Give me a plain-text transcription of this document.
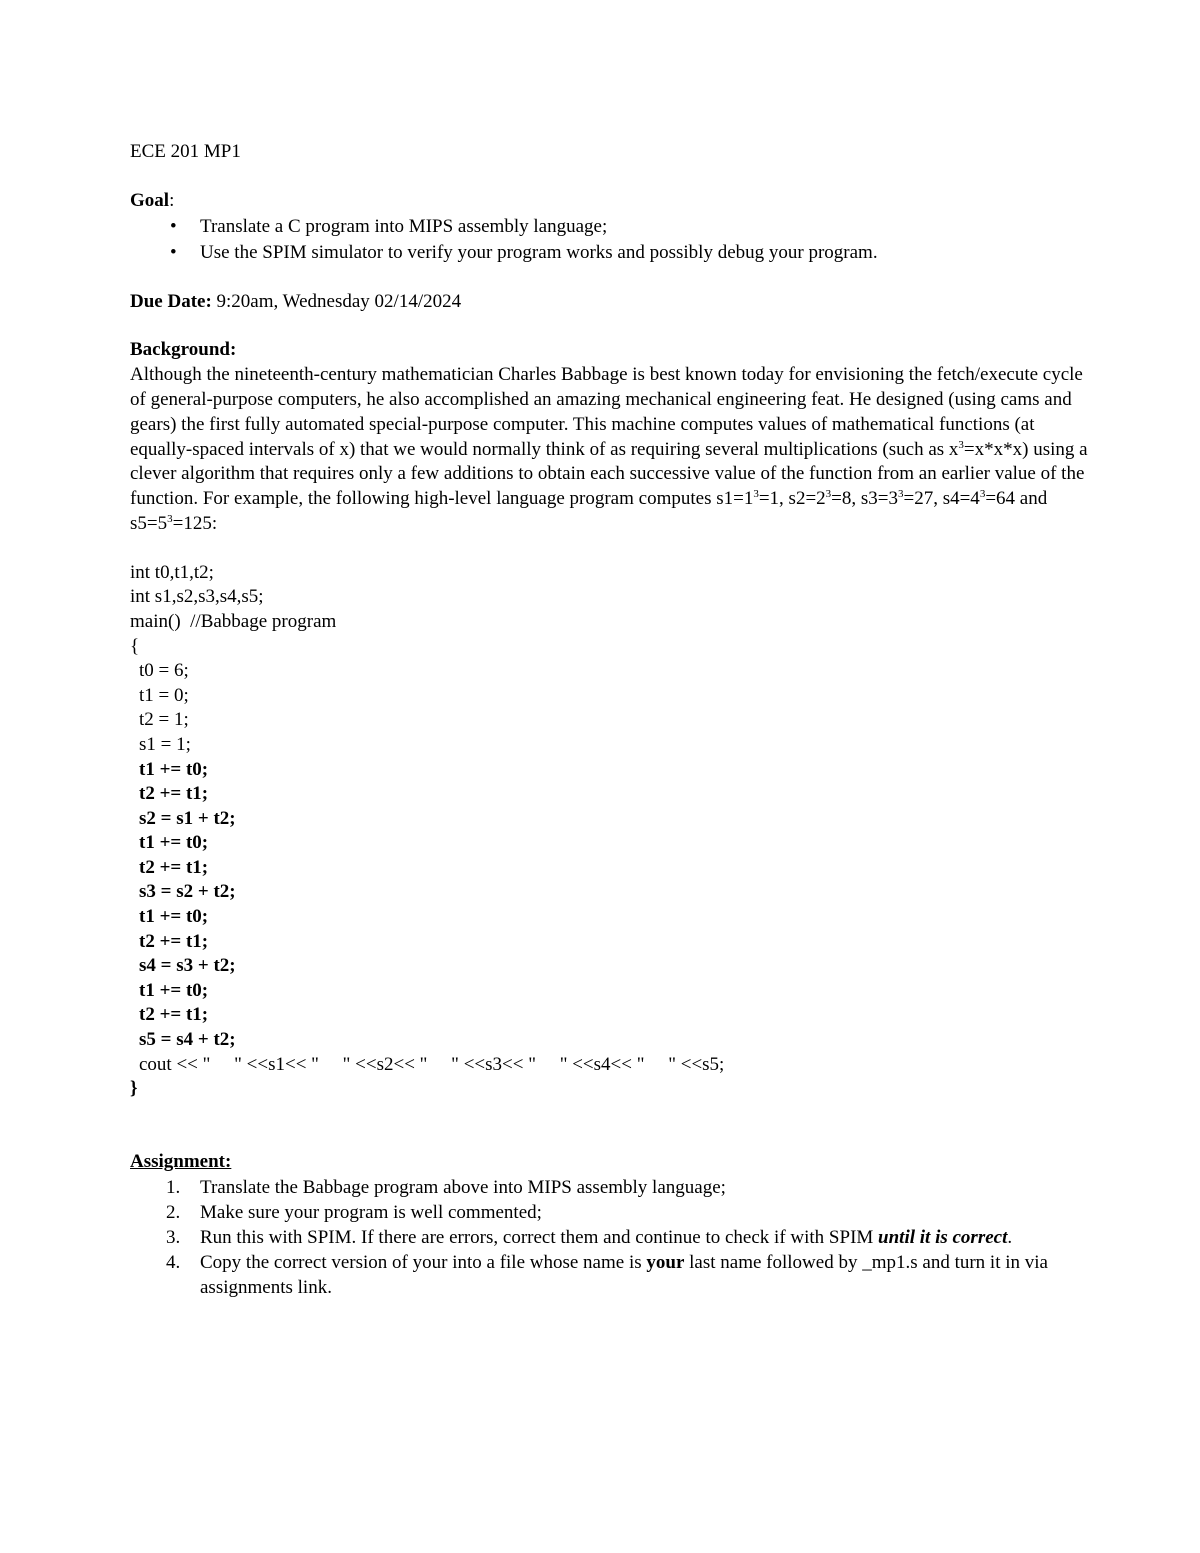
ECE 201 MP1
Goal:
• Translate a C program into MIPS assembly language;
• Use the SPIM simulator to verify your program works and possibly debug your program.
Due Date: 9:20am, Wednesday 02/14/2024
Background:
Although the nineteenth-century mathematician Charles Babbage is best known today for envisioning the fetch/execute cycle of general-purpose computers, he also accomplished an amazing mechanical engineering feat. He designed (using cams and gears) the first fully automated special-purpose computer. This machine computes values of mathematical functions (at equally-spaced intervals of x) that we would normally think of as requiring several multiplications (such as $x^3=x*x*x$) using a clever algorithm that requires only a few additions to obtain each successive value of the function from an earlier value of the function. For example, the following high-level language program computes $s1=1^3=1$, $s2=2^3=8$, $s3=3^3=27$, $s4=4^3=64$ and $s5=5^3=125$:
int t0,t1,t2;
int s1,s2,s3,s4,s5;
main()  //Babbage program
{
t0 = 6;
t1 = 0;
t2 = 1;
s1 = 1;
t1 += t0;
t2 += t1;
s2 = s1 + t2;
t1 += t0;
t2 += t1;
s3 = s2 + t2;
t1 += t0;
t2 += t1;
s4 = s3 + t2;
t1 += t0;
t2 += t1;
s5 = s4 + t2;
cout << "     " <<s1<< "     " <<s2<< "     " <<s3<< "     " <<s4<< "     " <<s5;
}
Assignment:
1. Translate the Babbage program above into MIPS assembly language;
2. Make sure your program is well commented;
3. Run this with SPIM. If there are errors, correct them and continue to check if with SPIM until it is correct.
4. Copy the correct version of your into a file whose name is your last name followed by _mp1.s and turn it in via assignments link.
